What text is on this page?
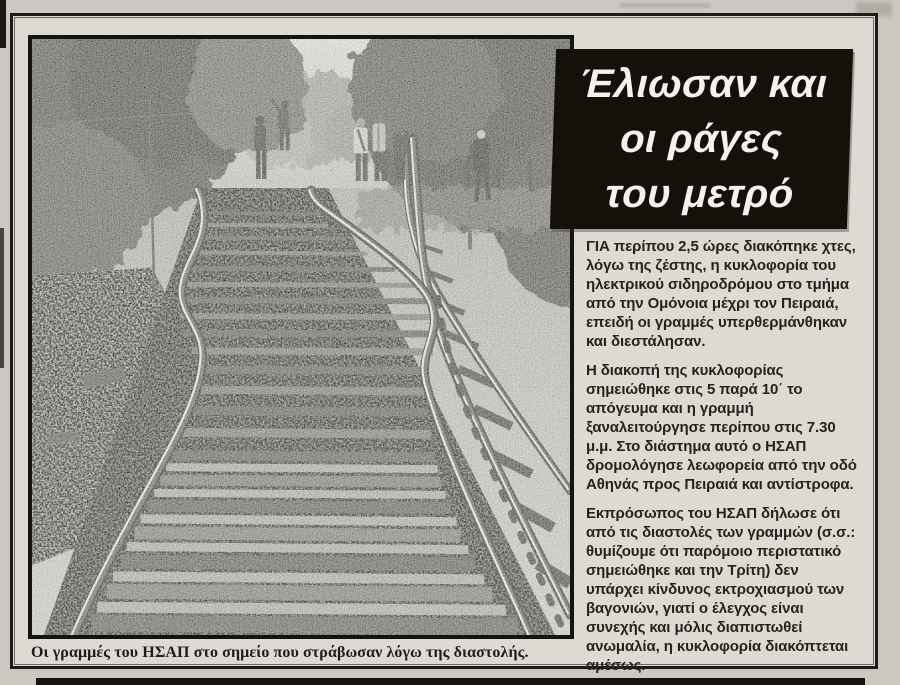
Έλιωσαν και
οι ράγες
του μετρό

ΓΙΑ περίπου 2,5 ώρες διακόπηκε χτες, λόγω της ζέστης, η κυκλοφορία του ηλεκτρικού σιδηροδρόμου στο τμήμα από την Ομόνοια μέχρι τον Πειραιά, επειδή οι γραμμές υπερθερμάνθηκαν και διεστάλησαν.

Η διακοπή της κυκλοφορίας σημειώθηκε στις 5 παρά 10΄ το απόγευμα και η γραμμή ξαναλειτούργησε περίπου στις 7.30 μ.μ. Στο διάστημα αυτό ο ΗΣΑΠ δρομολόγησε λεωφορεία από την οδό Αθηνάς προς Πειραιά και αντίστροφα.

Εκπρόσωπος του ΗΣΑΠ δήλωσε ότι από τις διαστολές των γραμμών (σ.σ.: θυμίζουμε ότι παρόμοιο περιστατικό σημειώθηκε και την Τρίτη) δεν υπάρχει κίνδυνος εκτροχιασμού των βαγονιών, γιατί ο έλεγχος είναι συνεχής και μόλις διαπιστωθεί ανωμαλία, η κυκλοφορία διακόπτεται αμέσως.

Οι γραμμές του ΗΣΑΠ στο σημείο που στράβωσαν λόγω της διαστολής.
